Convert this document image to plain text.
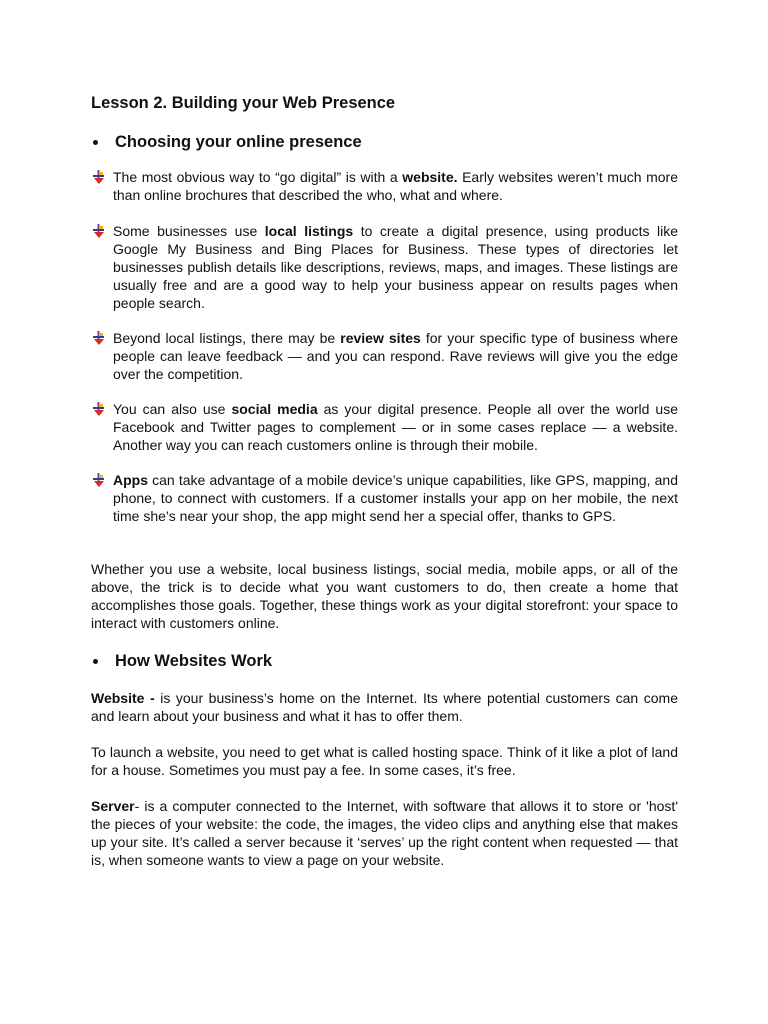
Lesson 2. Building your Web Presence
Choosing your online presence
The most obvious way to “go digital” is with a website. Early websites weren’t much more than online brochures that described the who, what and where.
Some businesses use local listings to create a digital presence, using products like Google My Business and Bing Places for Business. These types of directories let businesses publish details like descriptions, reviews, maps, and images. These listings are usually free and are a good way to help your business appear on results pages when people search.
Beyond local listings, there may be review sites for your specific type of business where people can leave feedback — and you can respond. Rave reviews will give you the edge over the competition.
You can also use social media as your digital presence. People all over the world use Facebook and Twitter pages to complement — or in some cases replace — a website. Another way you can reach customers online is through their mobile.
Apps can take advantage of a mobile device’s unique capabilities, like GPS, mapping, and phone, to connect with customers. If a customer installs your app on her mobile, the next time she’s near your shop, the app might send her a special offer, thanks to GPS.

Whether you use a website, local business listings, social media, mobile apps, or all of the above, the trick is to decide what you want customers to do, then create a home that accomplishes those goals. Together, these things work as your digital storefront: your space to interact with customers online.

How Websites Work

Website - is your business’s home on the Internet. Its where potential customers can come and learn about your business and what it has to offer them.

To launch a website, you need to get what is called hosting space. Think of it like a plot of land for a house. Sometimes you must pay a fee. In some cases, it’s free.

Server- is a computer connected to the Internet, with software that allows it to store or 'host' the pieces of your website: the code, the images, the video clips and anything else that makes up your site. It’s called a server because it ‘serves’ up the right content when requested — that is, when someone wants to view a page on your website.
